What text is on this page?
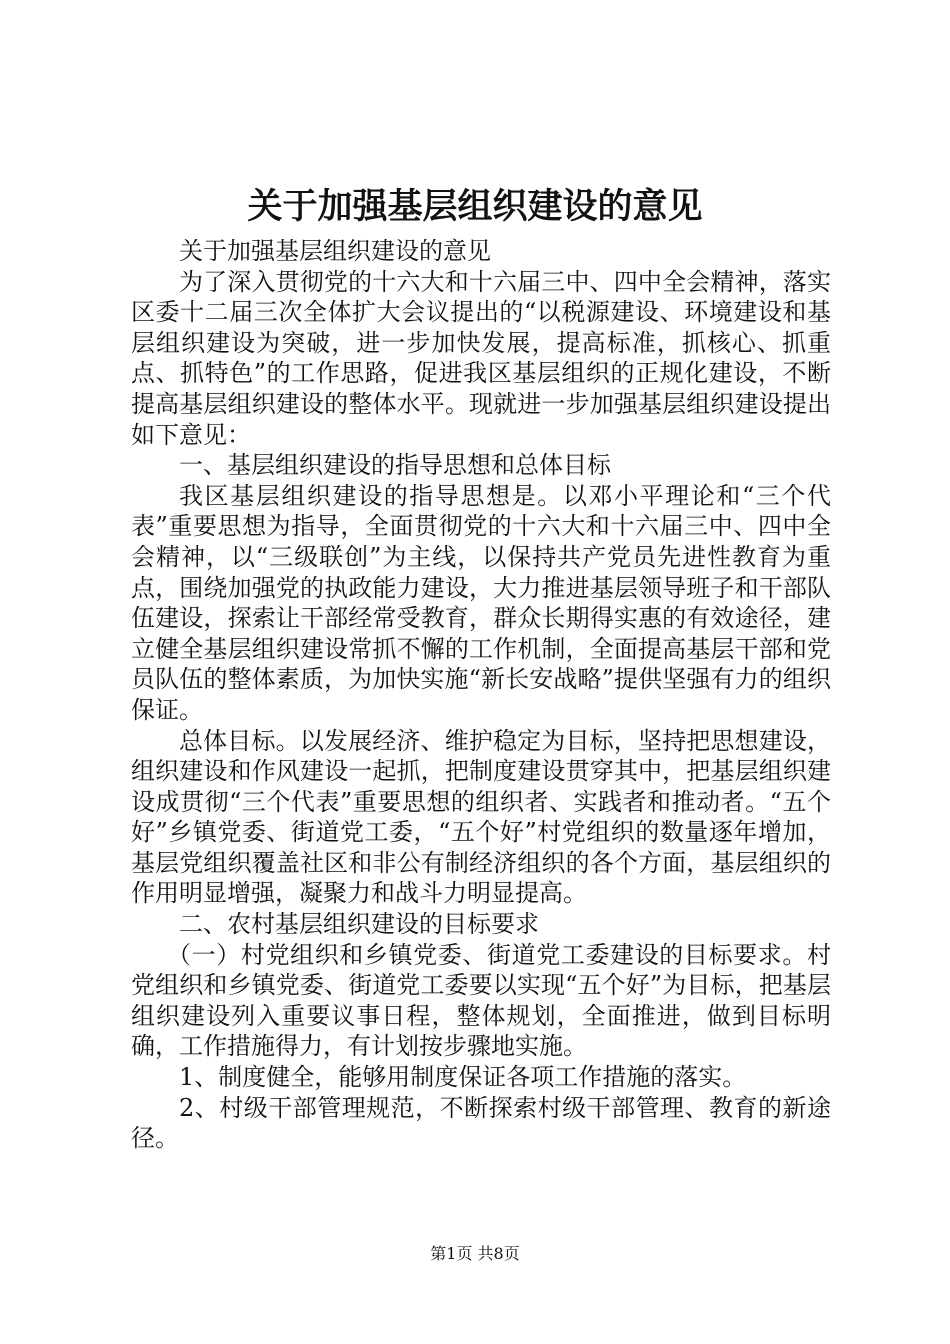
关于加强基层组织建设的意见

关于加强基层组织建设的意见

为了深入贯彻党的十六大和十六届三中、四中全会精神，落实区委十二届三次全体扩大会议提出的“以税源建设、环境建设和基层组织建设为突破，进一步加快发展，提高标准，抓核心、抓重点、抓特色”的工作思路，促进我区基层组织的正规化建设，不断提高基层组织建设的整体水平。现就进一步加强基层组织建设提出如下意见：

一、基层组织建设的指导思想和总体目标

我区基层组织建设的指导思想是。以邓小平理论和“三个代表”重要思想为指导，全面贯彻党的十六大和十六届三中、四中全会精神，以“三级联创”为主线，以保持共产党员先进性教育为重点，围绕加强党的执政能力建设，大力推进基层领导班子和干部队伍建设，探索让干部经常受教育，群众长期得实惠的有效途径，建立健全基层组织建设常抓不懈的工作机制，全面提高基层干部和党员队伍的整体素质，为加快实施“新长安战略”提供坚强有力的组织保证。

总体目标。以发展经济、维护稳定为目标，坚持把思想建设，组织建设和作风建设一起抓，把制度建设贯穿其中，把基层组织建设成贯彻“三个代表”重要思想的组织者、实践者和推动者。“五个好”乡镇党委、街道党工委，“五个好”村党组织的数量逐年增加，基层党组织覆盖社区和非公有制经济组织的各个方面，基层组织的作用明显增强，凝聚力和战斗力明显提高。

二、农村基层组织建设的目标要求

（一）村党组织和乡镇党委、街道党工委建设的目标要求。村党组织和乡镇党委、街道党工委要以实现“五个好”为目标，把基层组织建设列入重要议事日程，整体规划，全面推进，做到目标明确，工作措施得力，有计划按步骤地实施。

1、制度健全，能够用制度保证各项工作措施的落实。

2、村级干部管理规范，不断探索村级干部管理、教育的新途径。

第1页 共8页
